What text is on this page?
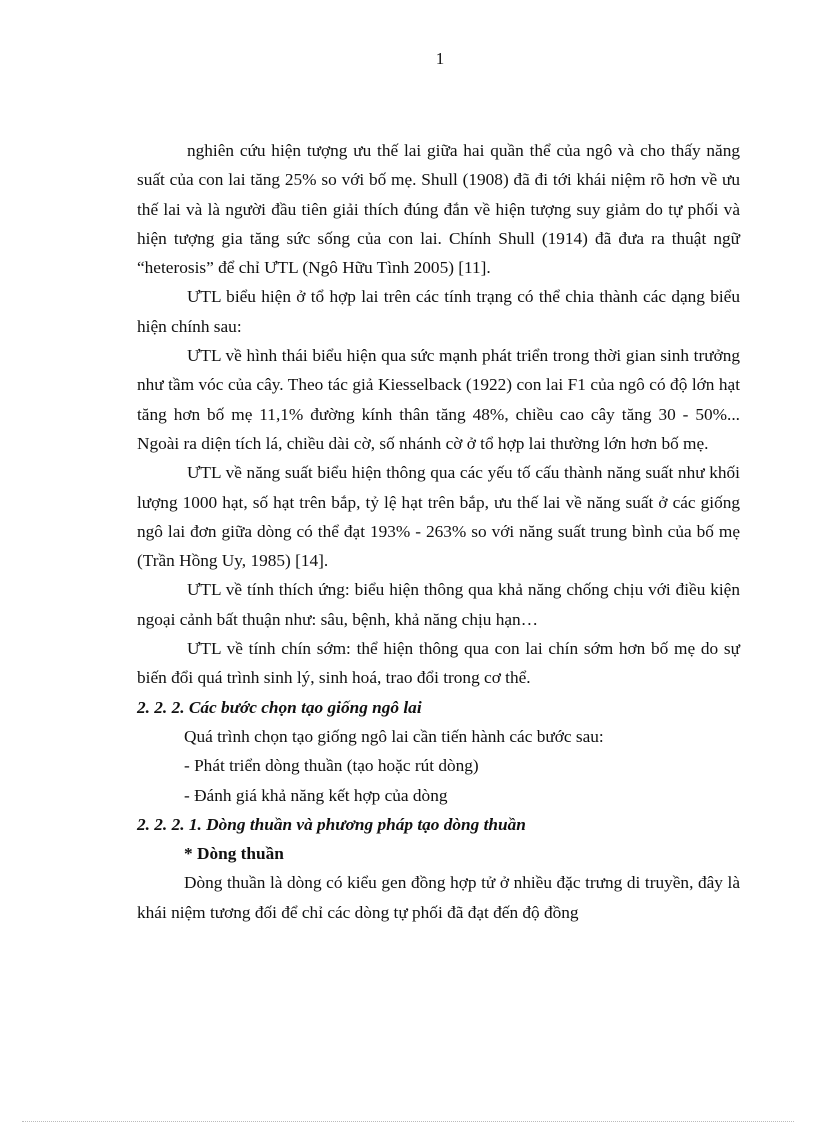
1

nghiên cứu hiện tượng ưu thế lai giữa hai quần thể của ngô và cho thấy năng suất của con lai tăng 25% so với bố mẹ. Shull (1908) đã đi tới khái niệm rõ hơn về ưu thế lai và là người đầu tiên giải thích đúng đắn về hiện tượng suy giảm do tự phối và hiện tượng gia tăng sức sống của con lai. Chính Shull (1914) đã đưa ra thuật ngữ “heterosis” để chỉ ƯTL (Ngô Hữu Tình 2005) [11].

ƯTL biểu hiện ở tổ hợp lai trên các tính trạng có thể chia thành các dạng biểu hiện chính sau:

ƯTL về hình thái biểu hiện qua sức mạnh phát triển trong thời gian sinh trưởng như tầm vóc của cây. Theo tác giả Kiesselback (1922) con lai F1 của ngô có độ lớn hạt tăng hơn bố mẹ 11,1% đường kính thân tăng 48%, chiều cao cây tăng 30 - 50%... Ngoài ra diện tích lá, chiều dài cờ, số nhánh cờ ở tổ hợp lai thường lớn hơn bố mẹ.

ƯTL về năng suất biểu hiện thông qua các yếu tố cấu thành năng suất như khối lượng 1000 hạt, số hạt trên bắp, tỷ lệ hạt trên bắp, ưu thế lai về năng suất ở các giống ngô lai đơn giữa dòng có thể đạt 193% - 263% so với năng suất trung bình của bố mẹ (Trần Hồng Uy, 1985) [14].

ƯTL về tính thích ứng: biểu hiện thông qua khả năng chống chịu với điều kiện ngoại cảnh bất thuận như: sâu, bệnh, khả năng chịu hạn…

ƯTL về tính chín sớm: thể hiện thông qua con lai chín sớm hơn bố mẹ do sự biến đổi quá trình sinh lý, sinh hoá, trao đổi trong cơ thể.

2. 2. 2. Các bước chọn tạo giống ngô lai

Quá trình chọn tạo giống ngô lai cần tiến hành các bước sau:

- Phát triển dòng thuần (tạo hoặc rút dòng)

- Đánh giá khả năng kết hợp của dòng

2. 2. 2. 1. Dòng thuần và phương pháp tạo dòng thuần

* Dòng thuần

Dòng thuần là dòng có kiểu gen đồng hợp tử ở nhiều đặc trưng di truyền, đây là khái niệm tương đối để chỉ các dòng tự phối đã đạt đến độ đồng
